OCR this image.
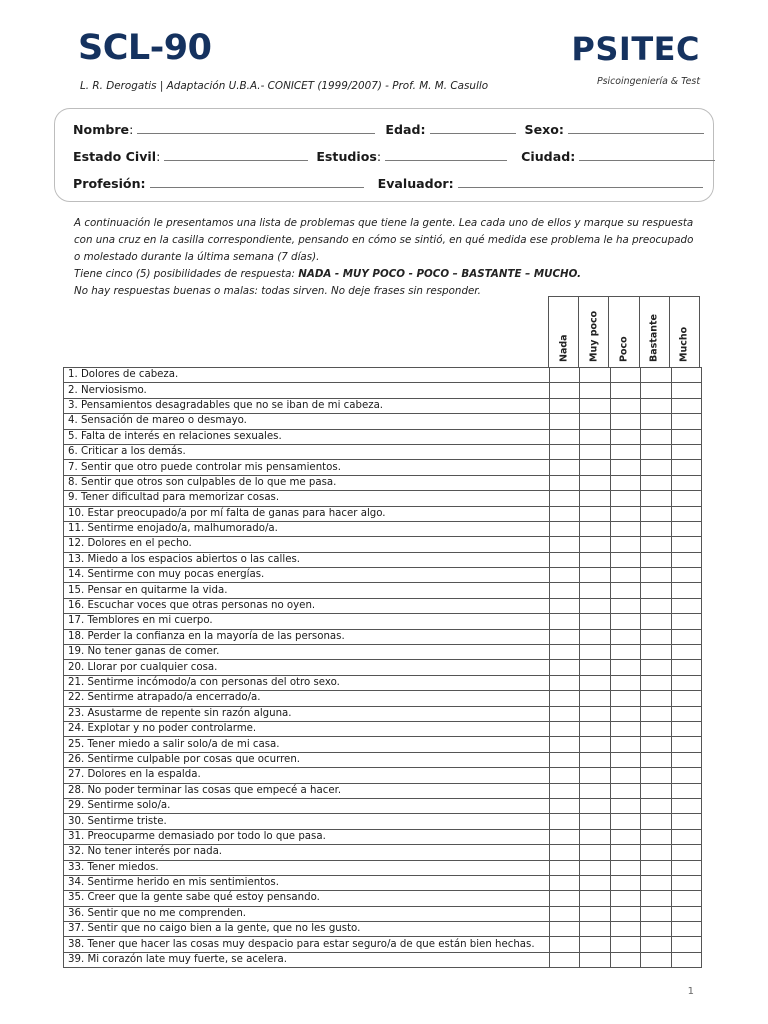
SCL-90
L. R. Derogatis | Adaptación U.B.A.- CONICET (1999/2007) - Prof. M. M. Casullo
PSITEC
Psicoingeniería & Test
Nombre:	Edad:	Sexo:
Estado Civil:	Estudios:	Ciudad:
Profesión:	Evaluador:
A continuación le presentamos una lista de problemas que tiene la gente. Lea cada uno de ellos y marque su respuesta
con una cruz en la casilla correspondiente, pensando en cómo se sintió, en qué medida ese problema le ha preocupado
o molestado durante la última semana (7 días).
Tiene cinco (5) posibilidades de respuesta: NADA - MUY POCO - POCO – BASTANTE – MUCHO.
No hay respuestas buenas o malas: todas sirven. No deje frases sin responder.
Nada Muy poco Poco Bastante Mucho
1. Dolores de cabeza.					
2. Nerviosismo.					
3. Pensamientos desagradables que no se iban de mi cabeza.					
4. Sensación de mareo o desmayo.					
5. Falta de interés en relaciones sexuales.					
6. Criticar a los demás.					
7. Sentir que otro puede controlar mis pensamientos.					
8. Sentir que otros son culpables de lo que me pasa.					
9. Tener dificultad para memorizar cosas.					
10. Estar preocupado/a por mí falta de ganas para hacer algo.					
11. Sentirme enojado/a, malhumorado/a.					
12. Dolores en el pecho.					
13. Miedo a los espacios abiertos o las calles.					
14. Sentirme con muy pocas energías.					
15. Pensar en quitarme la vida.					
16. Escuchar voces que otras personas no oyen.					
17. Temblores en mi cuerpo.					
18. Perder la confianza en la mayoría de las personas.					
19. No tener ganas de comer.					
20. Llorar por cualquier cosa.					
21. Sentirme incómodo/a con personas del otro sexo.					
22. Sentirme atrapado/a encerrado/a.					
23. Asustarme de repente sin razón alguna.					
24. Explotar y no poder controlarme.					
25. Tener miedo a salir solo/a de mi casa.					
26. Sentirme culpable por cosas que ocurren.					
27. Dolores en la espalda.					
28. No poder terminar las cosas que empecé a hacer.					
29. Sentirme solo/a.					
30. Sentirme triste.					
31. Preocuparme demasiado por todo lo que pasa.					
32. No tener interés por nada.					
33. Tener miedos.					
34. Sentirme herido en mis sentimientos.					
35. Creer que la gente sabe qué estoy pensando.					
36. Sentir que no me comprenden.					
37. Sentir que no caigo bien a la gente, que no les gusto.					
38. Tener que hacer las cosas muy despacio para estar seguro/a de que están bien hechas.					
39. Mi corazón late muy fuerte, se acelera.					
1
